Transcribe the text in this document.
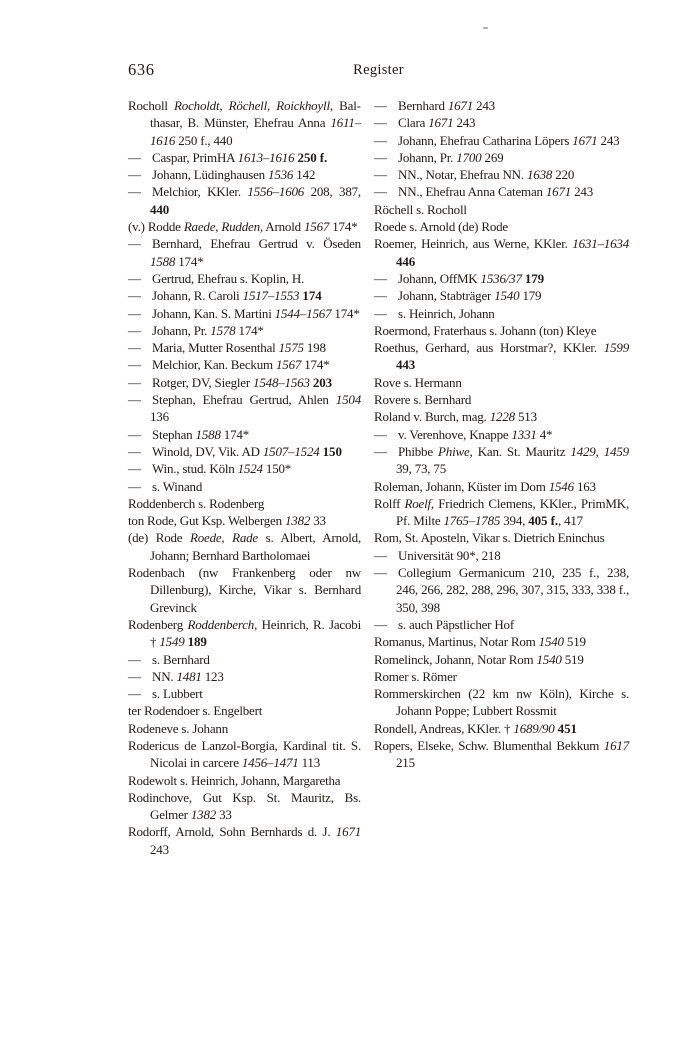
636	Register

Rocholl Rocholdt, Röchell, Roickhoyll, Balthasar, B. Münster, Ehefrau Anna 1611–1616 250 f., 440

— Caspar, PrimHA 1613–1616 250 f.

— Johann, Lüdinghausen 1536 142

— Melchior, KKler. 1556–1606 208, 387, 440

(v.) Rodde Raede, Rudden, Arnold 1567 174*

— Bernhard, Ehefrau Gertrud v. Öseden 1588 174*

— Gertrud, Ehefrau s. Koplin, H.

— Johann, R. Caroli 1517–1553 174

— Johann, Kan. S. Martini 1544–1567 174*

— Johann, Pr. 1578 174*

— Maria, Mutter Rosenthal 1575 198

— Melchior, Kan. Beckum 1567 174*

— Rotger, DV, Siegler 1548–1563 203

— Stephan, Ehefrau Gertrud, Ahlen 1504 136

— Stephan 1588 174*

— Winold, DV, Vik. AD 1507–1524 150

— Win., stud. Köln 1524 150*

— s. Winand

Roddenberch s. Rodenberg

ton Rode, Gut Ksp. Welbergen 1382 33

(de) Rode Roede, Rade s. Albert, Arnold, Johann; Bernhard Bartholomaei

Rodenbach (nw Frankenberg oder nw Dillenburg), Kirche, Vikar s. Bernhard Grevinck

Rodenberg Roddenberch, Heinrich, R. Jacobi † 1549 189

— s. Bernhard

— NN. 1481 123

— s. Lubbert

ter Rodendoer s. Engelbert

Rodeneve s. Johann

Rodericus de Lanzol-Borgia, Kardinal tit. S. Nicolai in carcere 1456–1471 113

Rodewolt s. Heinrich, Johann, Margaretha

Rodinchove, Gut Ksp. St. Mauritz, Bs. Gelmer 1382 33

Rodorff, Arnold, Sohn Bernhards d. J. 1671 243

— Bernhard 1671 243

— Clara 1671 243

— Johann, Ehefrau Catharina Löpers 1671 243

— Johann, Pr. 1700 269

— NN., Notar, Ehefrau NN. 1638 220

— NN., Ehefrau Anna Cateman 1671 243

Röchell s. Rocholl

Roede s. Arnold (de) Rode

Roemer, Heinrich, aus Werne, KKler. 1631–1634 446

— Johann, OffMK 1536/37 179

— Johann, Stabträger 1540 179

— s. Heinrich, Johann

Roermond, Fraterhaus s. Johann (ton) Kleye

Roethus, Gerhard, aus Horstmar?, KKler. 1599 443

Rove s. Hermann

Rovere s. Bernhard

Roland v. Burch, mag. 1228 513

— v. Verenhove, Knappe 1331 4*

— Phibbe Phiwe, Kan. St. Mauritz 1429, 1459 39, 73, 75

Roleman, Johann, Küster im Dom 1546 163

Rolff Roelf, Friedrich Clemens, KKler., PrimMK, Pf. Milte 1765–1785 394, 405 f., 417

Rom, St. Aposteln, Vikar s. Dietrich Eninchus

— Universität 90*, 218

— Collegium Germanicum 210, 235 f., 238, 246, 266, 282, 288, 296, 307, 315, 333, 338 f., 350, 398

— s. auch Päpstlicher Hof

Romanus, Martinus, Notar Rom 1540 519

Romelinck, Johann, Notar Rom 1540 519

Romer s. Römer

Rommerskirchen (22 km nw Köln), Kirche s. Johann Poppe; Lubbert Rossmit

Rondell, Andreas, KKler. † 1689/90 451

Ropers, Elseke, Schw. Blumenthal Bekkum 1617 215
